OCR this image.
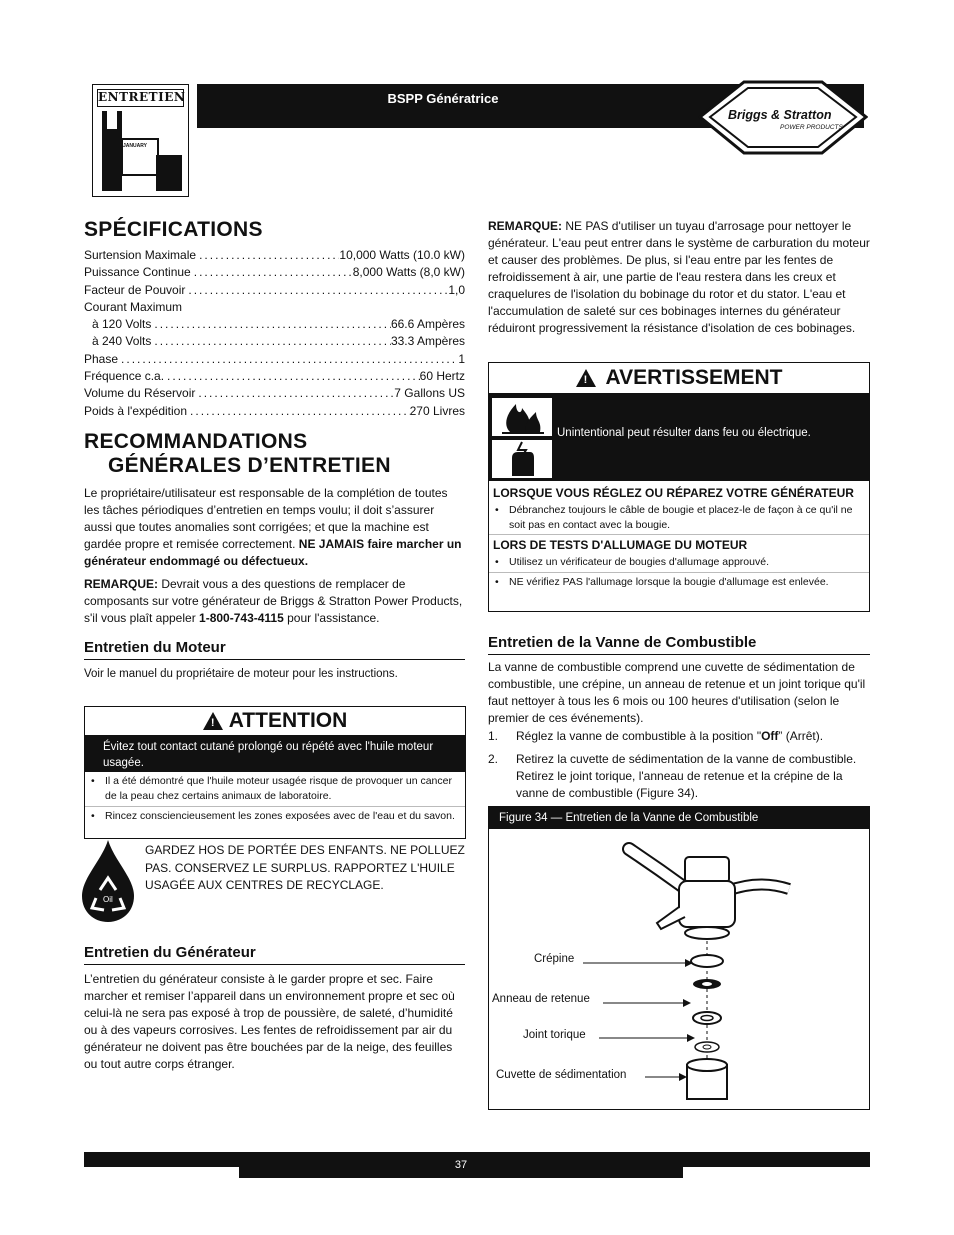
ENTRETIEN
JANUARY
BSPP Génératrice
Briggs & Stratton
POWER PRODUCTS
SPÉCIFICATIONS
Surtension Maximale .....	10,000 Watts (10.0 kW)
Puissance Continue .....	8,000 Watts (8,0 kW)
Facteur de Pouvoir .....	1,0
Courant Maximum
à 120 Volts .....	66.6 Ampères
à 240 Volts .....	33.3 Ampères
Phase .....	1
Fréquence c.a. .....	60 Hertz
Volume du Réservoir .....	7 Gallons US
Poids à l'expédition .....	270 Livres
RECOMMANDATIONS
GÉNÉRALES D’ENTRETIEN

Le propriétaire/utilisateur est responsable de la complétion de toutes les tâches périodiques d’entretien en temps voulu; il doit s’assurer aussi que toutes anomalies sont corrigées; et que la machine est gardée propre et remisée correctement. NE JAMAIS faire marcher un générateur endommagé ou défectueux.

REMARQUE: Devrait vous a des questions de remplacer de composants sur votre générateur de Briggs & Stratton Power Products, s'il vous plaît appeler 1-800-743-4115 pour l'assistance.

Entretien du Moteur

Voir le manuel du propriétaire de moteur pour les instructions.

! ATTENTION
Évitez tout contact cutané prolongé ou répété avec l'huile moteur usagée.
• Il a été démontré que l'huile moteur usagée risque de provoquer un cancer de la peau chez certains animaux de laboratoire.
• Rincez consciencieusement les zones exposées avec de l'eau et du savon.
Oil
GARDEZ HOS DE PORTÉE DES ENFANTS. NE POLLUEZ PAS. CONSERVEZ LE SURPLUS. RAPPORTEZ L'HUILE USAGÉE AUX CENTRES DE RECYCLAGE.
Entretien du Générateur

L’entretien du générateur consiste à le garder propre et sec. Faire marcher et remiser l’appareil dans un environnement propre et sec où celui-là ne sera pas exposé à trop de poussière, de saleté, d’humidité ou à des vapeurs corrosives. Les fentes de refroidissement par air du générateur ne doivent pas être bouchées par de la neige, des feuilles ou tout autre corps étranger.

REMARQUE: NE PAS d'utiliser un tuyau d'arrosage pour nettoyer le générateur. L'eau peut entrer dans le système de carburation du moteur et causer des problèmes. De plus, si l'eau entre par les fentes de refroidissement à air, une partie de l'eau restera dans les creux et craquelures de l'isolation du bobinage du rotor et du stator. L'eau et l'accumulation de saleté sur ces bobinages internes du générateur réduiront progressivement la résistance d'isolation de ces bobinages.

! AVERTISSEMENT
Unintentional peut résulter dans feu ou électrique.
LORSQUE VOUS RÉGLEZ OU RÉPAREZ VOTRE GÉNÉRATEUR
• Débranchez toujours le câble de bougie et placez-le de façon à ce qu'il ne soit pas en contact avec la bougie.
LORS DE TESTS D'ALLUMAGE DU MOTEUR
• Utilisez un vérificateur de bougies d'allumage approuvé.
• NE vérifiez PAS l'allumage lorsque la bougie d'allumage est enlevée.
Entretien de la Vanne de Combustible

La vanne de combustible comprend une cuvette de sédimentation de combustible, une crépine, un anneau de retenue et un joint torique qu'il faut nettoyer à tous les 6 mois ou 100 heures d'utilisation (selon le premier de ces événements).

1. Réglez la vanne de combustible à la position "Off” (Arrêt).
2. Retirez la cuvette de sédimentation de la vanne de combustible. Retirez le joint torique, l'anneau de retenue et la crépine de la vanne de combustible (Figure 34).
Figure 34 — Entretien de la Vanne de Combustible
Crépine
Anneau de retenue
Joint torique
Cuvette de sédimentation
37
